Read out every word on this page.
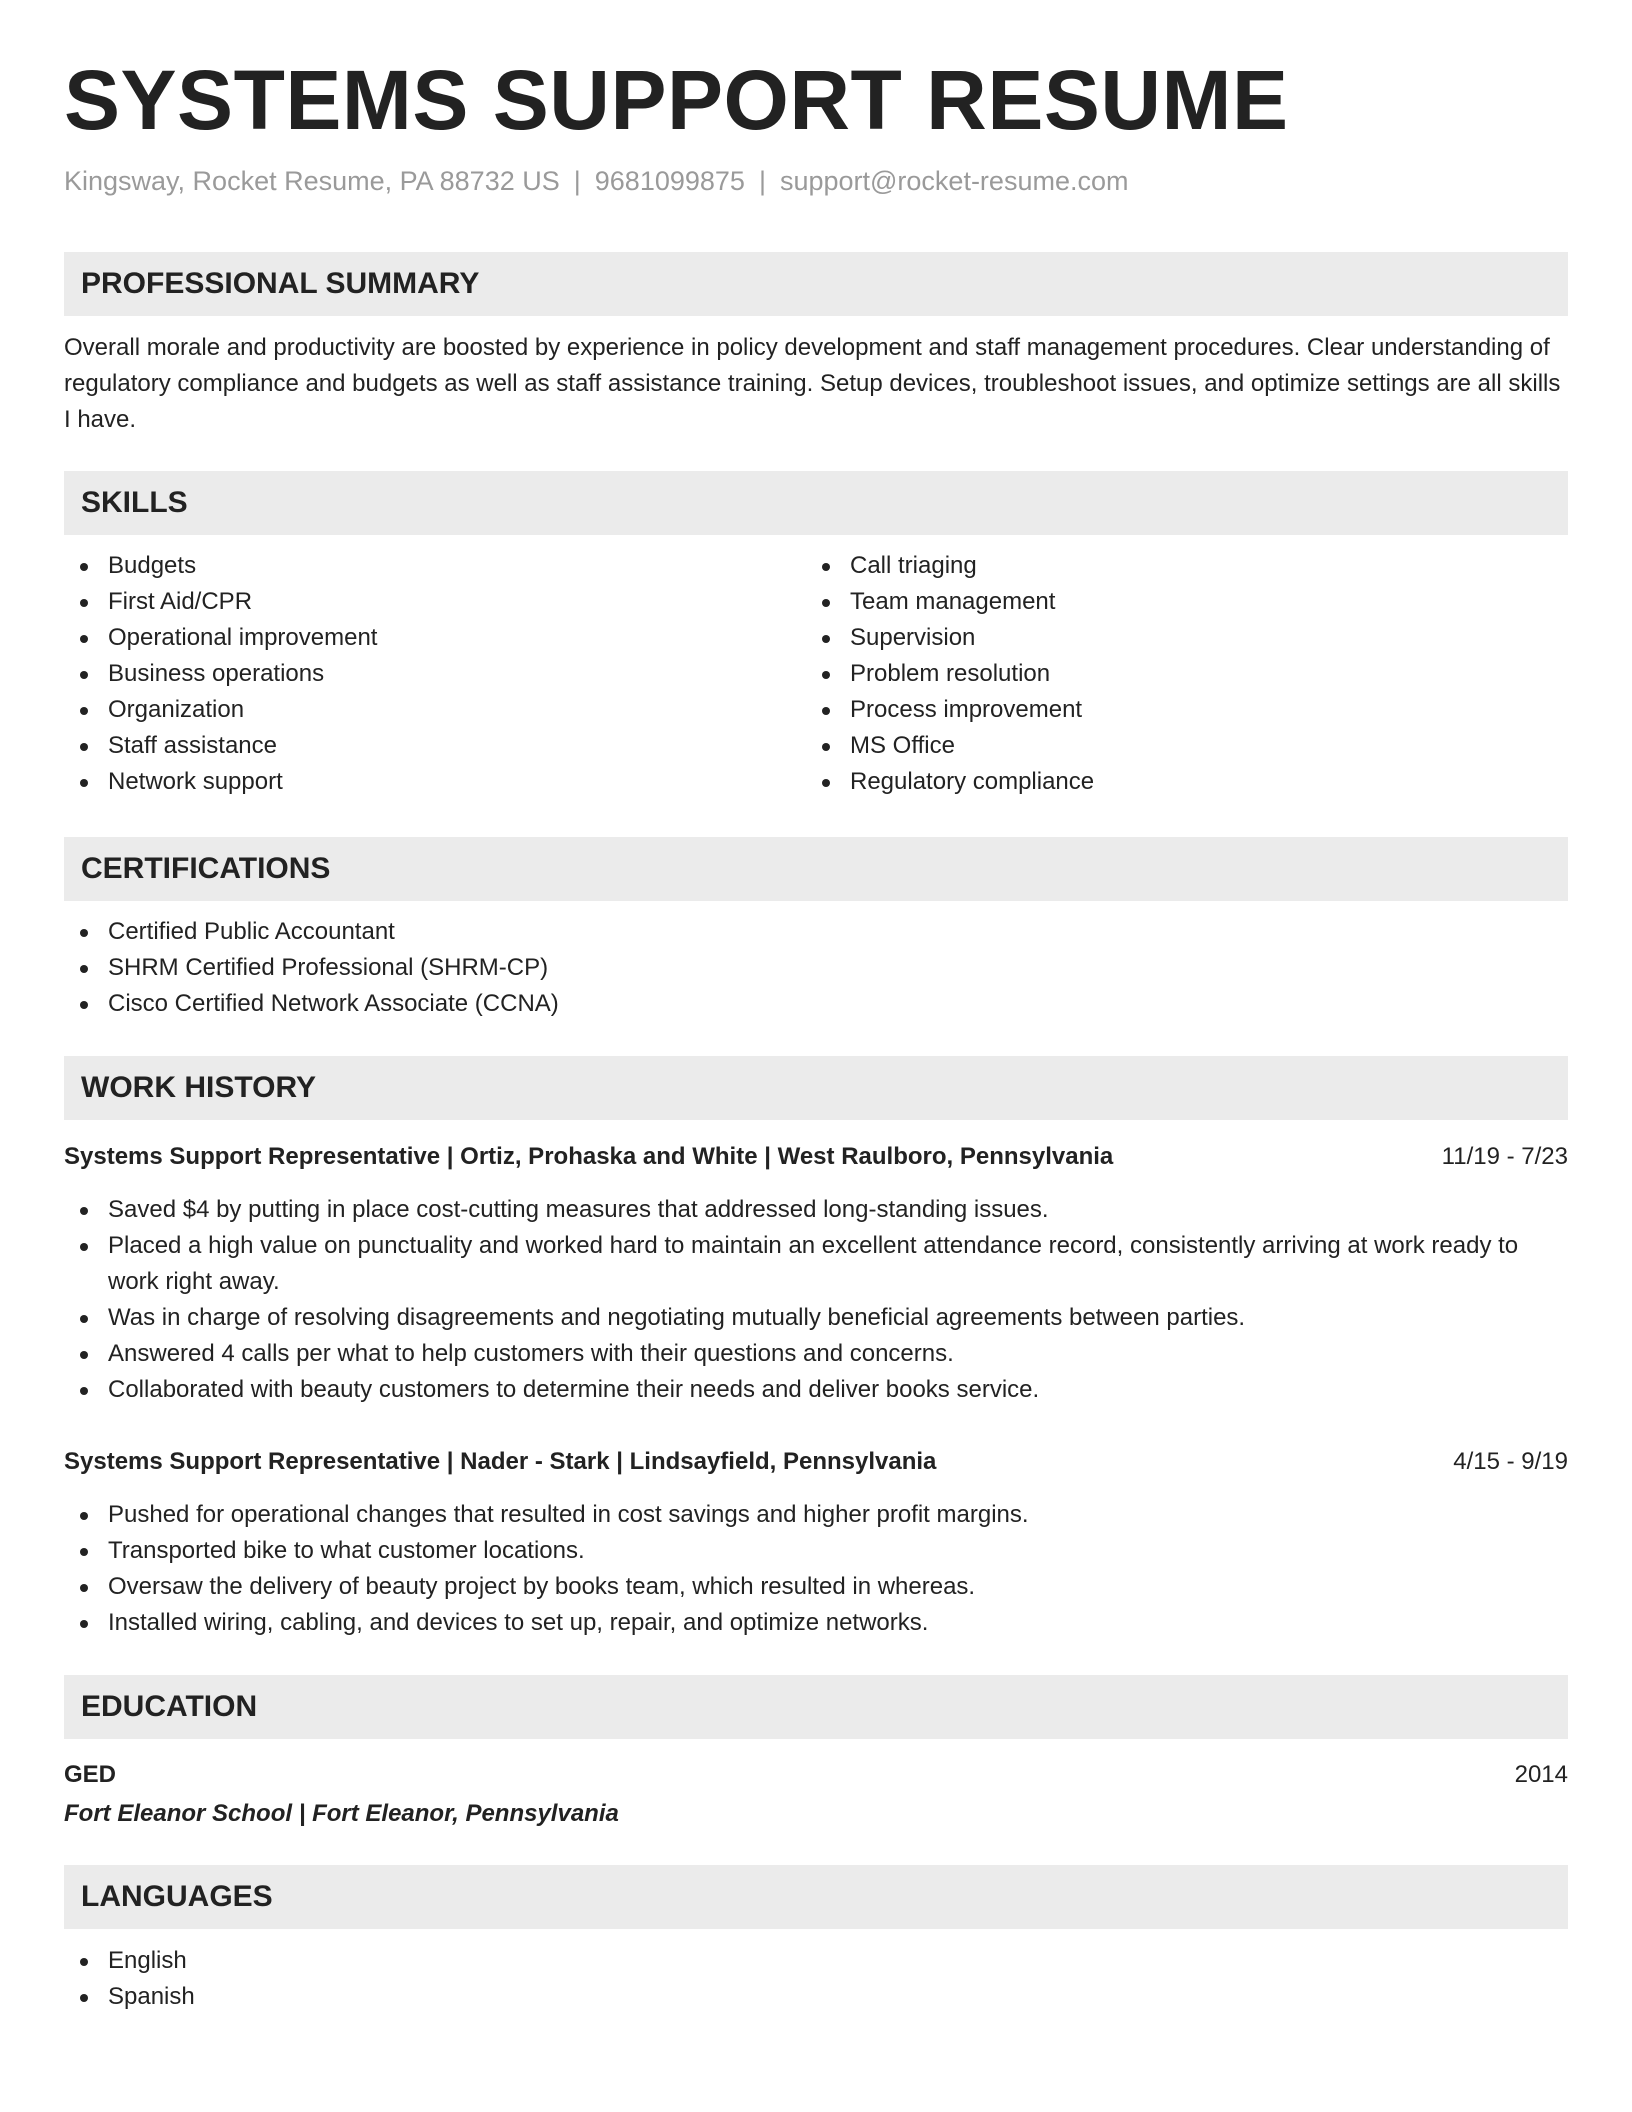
SYSTEMS SUPPORT RESUME
Kingsway, Rocket Resume, PA 88732 US | 9681099875 | support@rocket-resume.com
PROFESSIONAL SUMMARY
Overall morale and productivity are boosted by experience in policy development and staff management procedures. Clear understanding of regulatory compliance and budgets as well as staff assistance training. Setup devices, troubleshoot issues, and optimize settings are all skills I have.
SKILLS
Budgets
First Aid/CPR
Operational improvement
Business operations
Organization
Staff assistance
Network support
Call triaging
Team management
Supervision
Problem resolution
Process improvement
MS Office
Regulatory compliance
CERTIFICATIONS
Certified Public Accountant
SHRM Certified Professional (SHRM-CP)
Cisco Certified Network Associate (CCNA)
WORK HISTORY
Systems Support Representative | Ortiz, Prohaska and White | West Raulboro, Pennsylvania	11/19 - 7/23
Saved $4 by putting in place cost-cutting measures that addressed long-standing issues.
Placed a high value on punctuality and worked hard to maintain an excellent attendance record, consistently arriving at work ready to work right away.
Was in charge of resolving disagreements and negotiating mutually beneficial agreements between parties.
Answered 4 calls per what to help customers with their questions and concerns.
Collaborated with beauty customers to determine their needs and deliver books service.
Systems Support Representative | Nader - Stark | Lindsayfield, Pennsylvania	4/15 - 9/19
Pushed for operational changes that resulted in cost savings and higher profit margins.
Transported bike to what customer locations.
Oversaw the delivery of beauty project by books team, which resulted in whereas.
Installed wiring, cabling, and devices to set up, repair, and optimize networks.
EDUCATION
GED	2014
Fort Eleanor School | Fort Eleanor, Pennsylvania
LANGUAGES
English
Spanish
